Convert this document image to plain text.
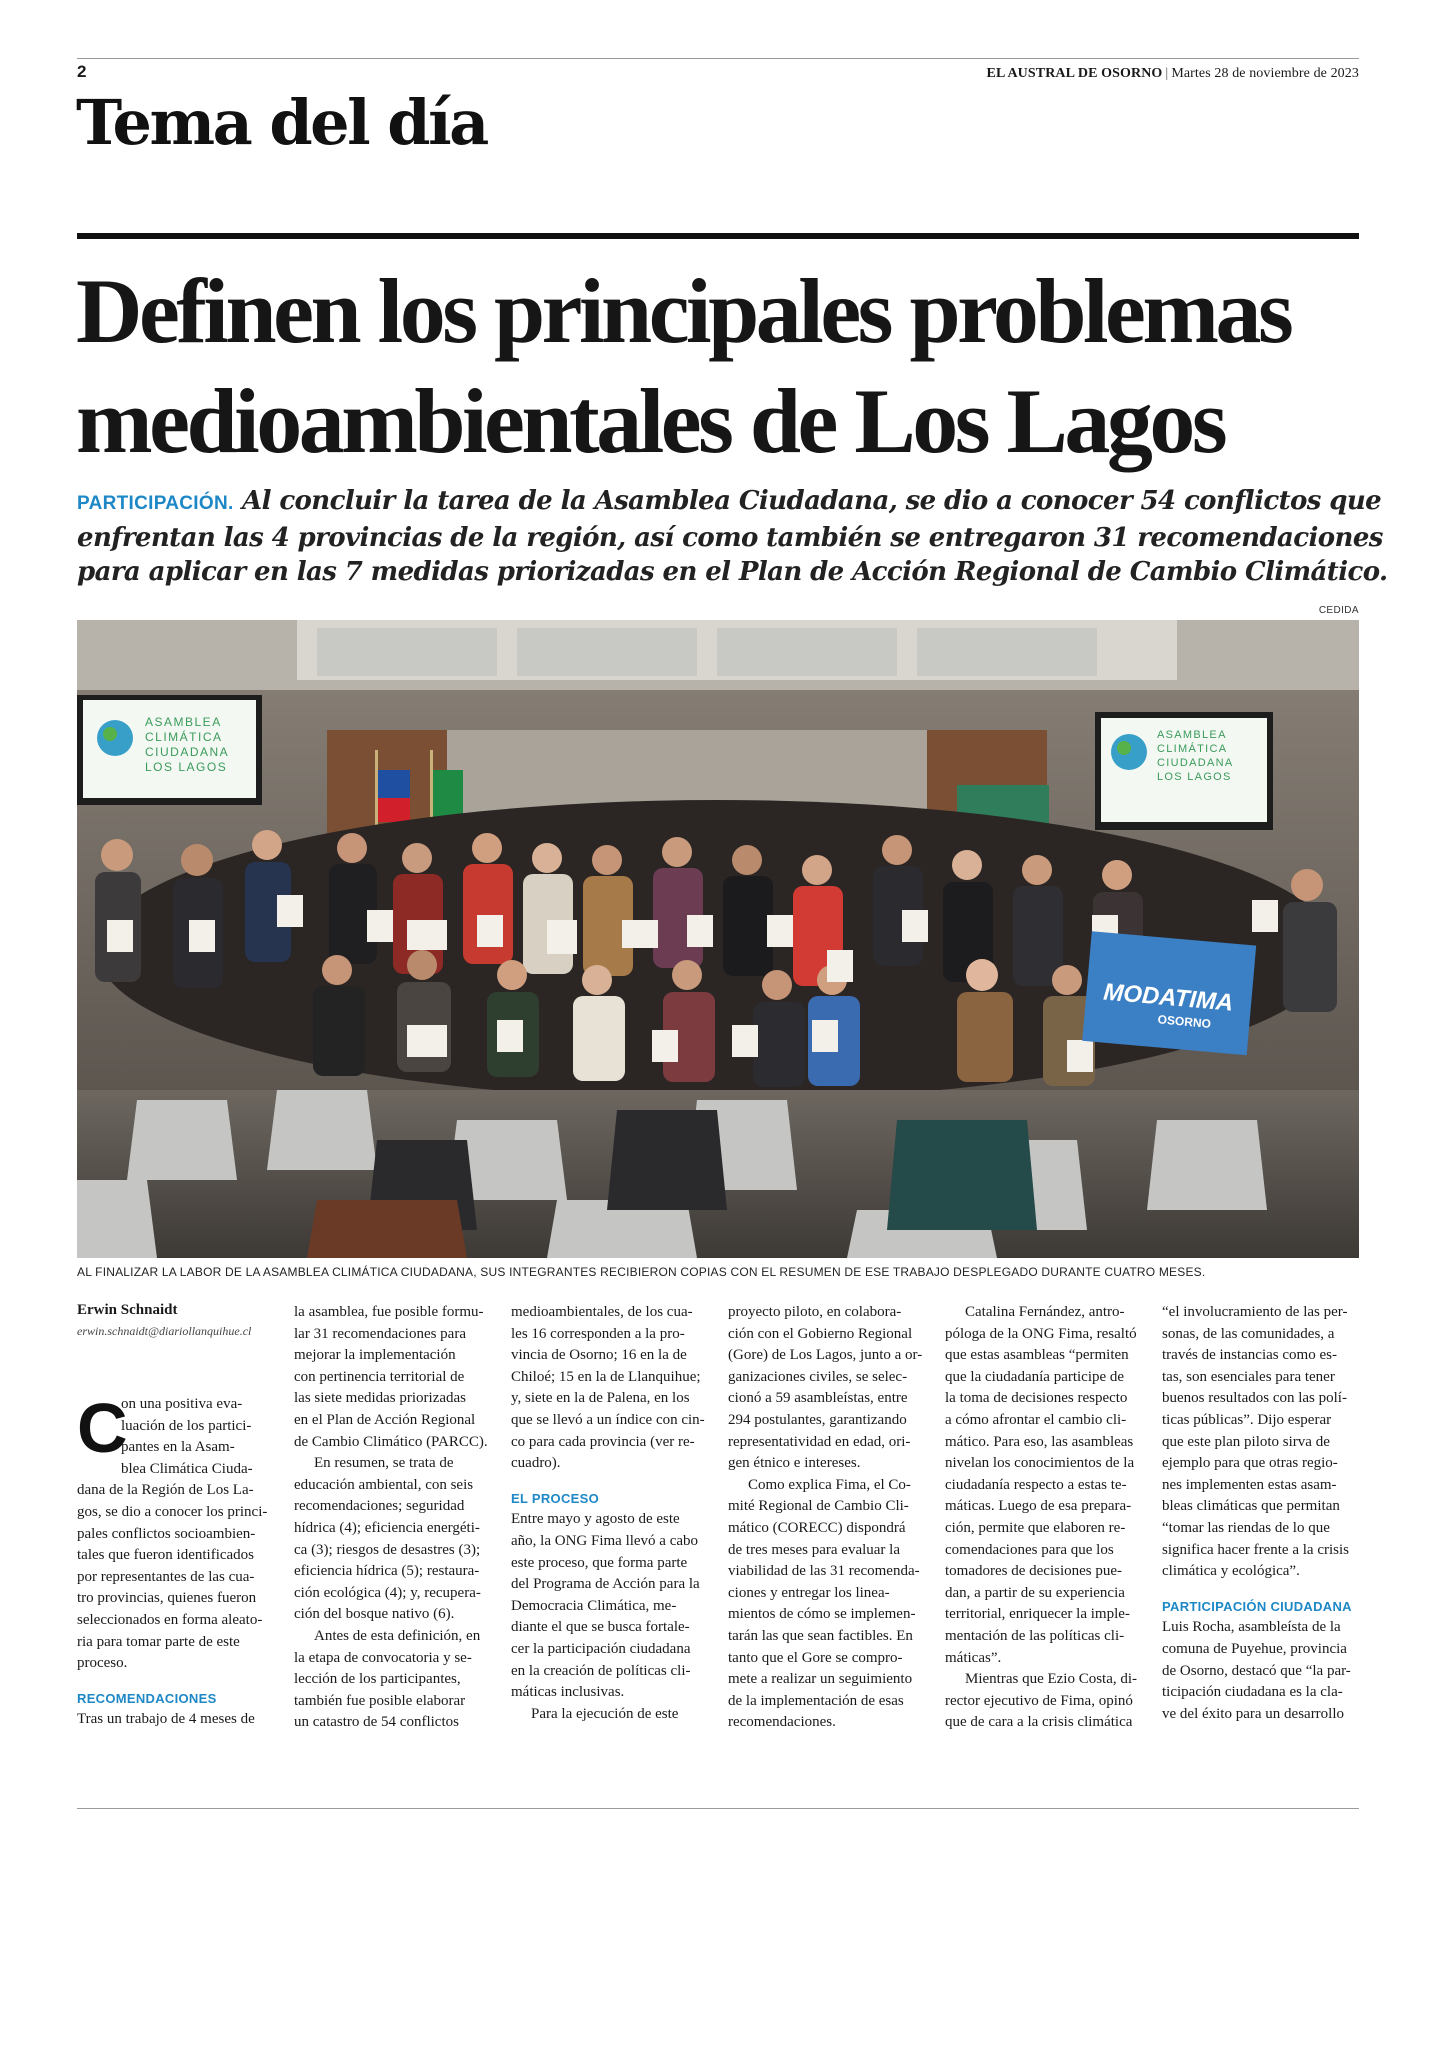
2	EL AUSTRAL DE OSORNO | Martes 28 de noviembre de 2023
Tema del día
Definen los principales problemas
medioambientales de Los Lagos
PARTICIPACIÓN. Al concluir la tarea de la Asamblea Ciudadana, se dio a conocer 54 conflictos que
enfrentan las 4 provincias de la región, así como también se entregaron 31 recomendaciones
para aplicar en las 7 medidas priorizadas en el Plan de Acción Regional de Cambio Climático.
CEDIDA
ASAMBLEA
CLIMÁTICA
CIUDADANA
LOS LAGOS
ASAMBLEA
CLIMÁTICA
CIUDADANA
LOS LAGOS
MODATIMA
OSORNO
AL FINALIZAR LA LABOR DE LA ASAMBLEA CLIMÁTICA CIUDADANA, SUS INTEGRANTES RECIBIERON COPIAS CON EL RESUMEN DE ESE TRABAJO DESPLEGADO DURANTE CUATRO MESES.
Erwin Schnaidt
erwin.schnaidt@diariollanquihue.cl
C
on una positiva eva-
luación de los partici-
pantes en la Asam-
blea Climática Ciuda-
dana de la Región de Los La-
gos, se dio a conocer los princi-
pales conflictos socioambien-
tales que fueron identificados
por representantes de las cua-
tro provincias, quienes fueron
seleccionados en forma aleato-
ria para tomar parte de este
proceso.
RECOMENDACIONES
Tras un trabajo de 4 meses de
la asamblea, fue posible formu-
lar 31 recomendaciones para
mejorar la implementación
con pertinencia territorial de
las siete medidas priorizadas
en el Plan de Acción Regional
de Cambio Climático (PARCC).
En resumen, se trata de
educación ambiental, con seis
recomendaciones; seguridad
hídrica (4); eficiencia energéti-
ca (3); riesgos de desastres (3);
eficiencia hídrica (5); restaura-
ción ecológica (4); y, recupera-
ción del bosque nativo (6).
Antes de esta definición, en
la etapa de convocatoria y se-
lección de los participantes,
también fue posible elaborar
un catastro de 54 conflictos
medioambientales, de los cua-
les 16 corresponden a la pro-
vincia de Osorno; 16 en la de
Chiloé; 15 en la de Llanquihue;
y, siete en la de Palena, en los
que se llevó a un índice con cin-
co para cada provincia (ver re-
cuadro).
EL PROCESO
Entre mayo y agosto de este
año, la ONG Fima llevó a cabo
este proceso, que forma parte
del Programa de Acción para la
Democracia Climática, me-
diante el que se busca fortale-
cer la participación ciudadana
en la creación de políticas cli-
máticas inclusivas.
Para la ejecución de este
proyecto piloto, en colabora-
ción con el Gobierno Regional
(Gore) de Los Lagos, junto a or-
ganizaciones civiles, se selec-
cionó a 59 asambleístas, entre
294 postulantes, garantizando
representatividad en edad, ori-
gen étnico e intereses.
Como explica Fima, el Co-
mité Regional de Cambio Cli-
mático (CORECC) dispondrá
de tres meses para evaluar la
viabilidad de las 31 recomenda-
ciones y entregar los linea-
mientos de cómo se implemen-
tarán las que sean factibles. En
tanto que el Gore se compro-
mete a realizar un seguimiento
de la implementación de esas
recomendaciones.
Catalina Fernández, antro-
póloga de la ONG Fima, resaltó
que estas asambleas “permiten
que la ciudadanía participe de
la toma de decisiones respecto
a cómo afrontar el cambio cli-
mático. Para eso, las asambleas
nivelan los conocimientos de la
ciudadanía respecto a estas te-
máticas. Luego de esa prepara-
ción, permite que elaboren re-
comendaciones para que los
tomadores de decisiones pue-
dan, a partir de su experiencia
territorial, enriquecer la imple-
mentación de las políticas cli-
máticas”.
Mientras que Ezio Costa, di-
rector ejecutivo de Fima, opinó
que de cara a la crisis climática
“el involucramiento de las per-
sonas, de las comunidades, a
través de instancias como es-
tas, son esenciales para tener
buenos resultados con las polí-
ticas públicas”. Dijo esperar
que este plan piloto sirva de
ejemplo para que otras regio-
nes implementen estas asam-
bleas climáticas que permitan
“tomar las riendas de lo que
significa hacer frente a la crisis
climática y ecológica”.
PARTICIPACIÓN CIUDADANA
Luis Rocha, asambleísta de la
comuna de Puyehue, provincia
de Osorno, destacó que “la par-
ticipación ciudadana es la cla-
ve del éxito para un desarrollo
